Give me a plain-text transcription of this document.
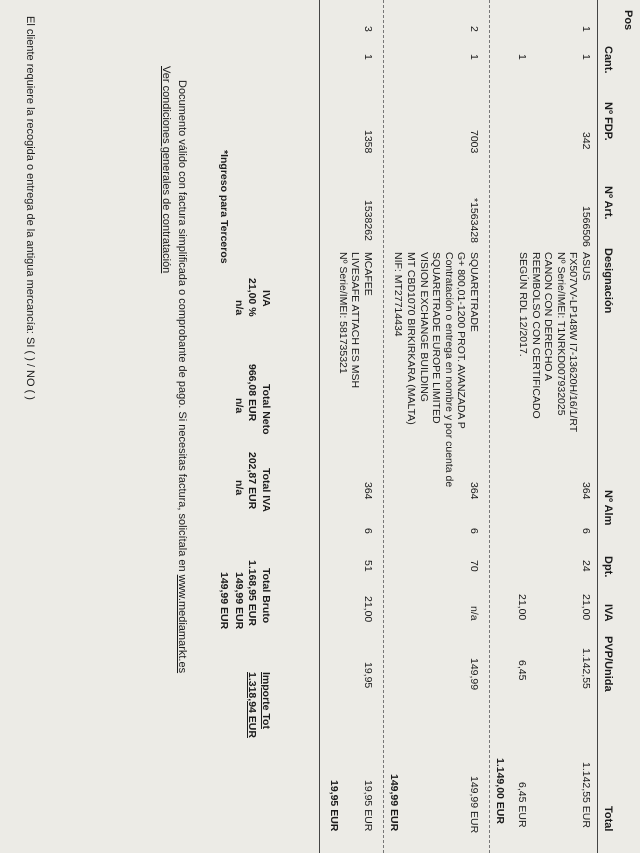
Pos
Cant.
Nº FDP.
Nº Art.
Designación
Nº Alm
Dpt.
IVA
PVP/Unida
Total
1
1
342
1566506
ASUS
FX507VV-LP148W I7-13620H/16/1/RT
Nº Serie/IMEI: T1NRKD007932025
CANON CON DERECHO A
REEMBOLSO CON CERTIFICADO
SEGÚN RDL 12/2017.
364
6
24
21,00
1.142,55
1.142,55 EUR
1
21,00
6,45
6,45 EUR
1.149,00 EUR
2
1
7003
*1563428
SQUARETRADE
G+ 800,01-1200 PROT. AVANZADA P
Contratación o entrega en nombre y por cuenta de
SQUARETRADE EUROPE LIMITED
VISION EXCHANGE BUILDING
MT CBD1070 BIRKIRKARA (MALTA)
NIF: MT27714434
364
6
70
n/a
149,99
149,99 EUR
149,99 EUR
3
1
1358
1538262
MCAFEE
LIVESAFE ATTACH ES MSH
Nº Serie/IMEI: 581735321
364
6
51
21,00
19,95
19,95 EUR
19,95 EUR
IVA
Total Neto
Total IVA
Total Bruto
Importe Tot
21,00 %
966,08 EUR
202,87 EUR
1.168,95 EUR
1.318,94 EUR
n/a
n/a
n/a
149,99 EUR
*Ingreso para Terceros
149,99 EUR
Documento válido con factura simplificada o comprobante de pago. Si necesitas factura, solicítala en www.mediamarkt.es
Ver condiciones generales de contratación
El cliente requiere la recogida o entrega de la antigua mercancía: SI ( ) / NO ( )
